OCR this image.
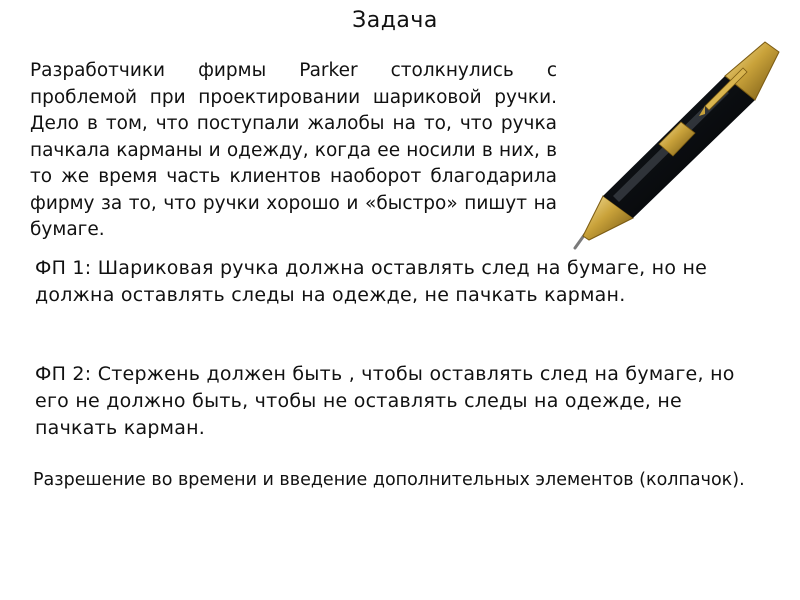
Задача
Разработчики фирмы Parker столкнулись с проблемой при проектировании шариковой ручки. Дело в том, что поступали жалобы на то, что ручка пачкала карманы и одежду, когда ее носили в них, в то же время часть клиентов наоборот благодарила фирму за то, что ручки хорошо и «быстро» пишут на бумаге.
ФП 1: Шариковая ручка должна оставлять след на бумаге, но не должна оставлять следы на одежде, не пачкать карман.
ФП 2: Стержень должен быть , чтобы оставлять след на бумаге, но его не должно быть, чтобы не оставлять следы на одежде, не пачкать карман.
Разрешение во времени и введение дополнительных элементов (колпачок).
